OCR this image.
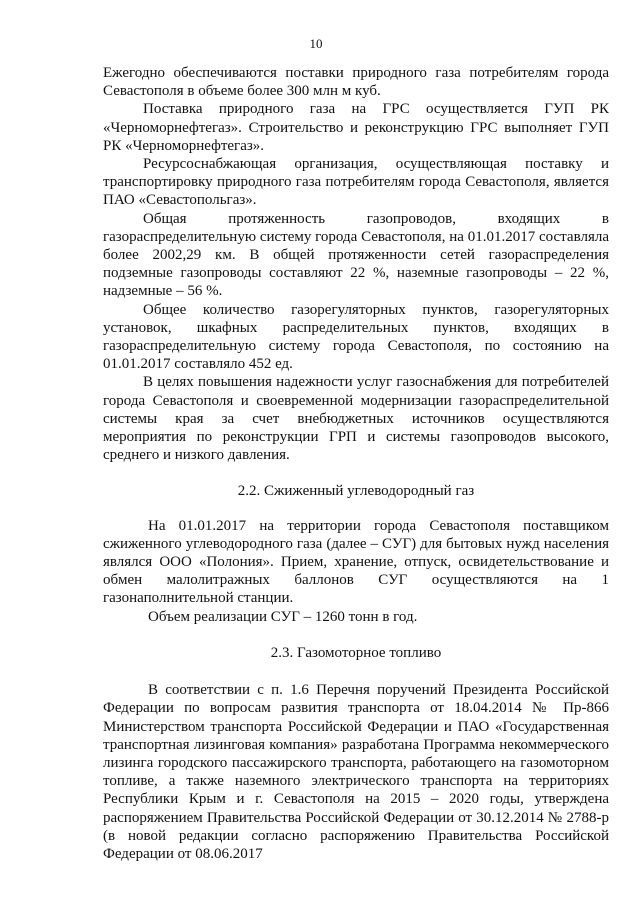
10

Ежегодно обеспечиваются поставки природного газа потребителям города Севастополя в объеме более 300 млн м куб.

Поставка природного газа на ГРС осуществляется ГУП РК «Черноморнефтегаз». Строительство и реконструкцию ГРС выполняет ГУП РК «Черноморнефтегаз».

Ресурсоснабжающая организация, осуществляющая поставку и транспортировку природного газа потребителям города Севастополя, является ПАО «Севастопольгаз».

Общая протяженность газопроводов, входящих в газораспределительную систему города Севастополя, на 01.01.2017 составляла более 2002,29 км. В общей протяженности сетей газораспределения подземные газопроводы составляют 22 %, наземные газопроводы – 22 %, надземные – 56 %.

Общее количество газорегуляторных пунктов, газорегуляторных установок, шкафных распределительных пунктов, входящих в газораспределительную систему города Севастополя, по состоянию на 01.01.2017 составляло 452 ед.

В целях повышения надежности услуг газоснабжения для потребителей города Севастополя и своевременной модернизации газораспределительной системы края за счет внебюджетных источников осуществляются мероприятия по реконструкции ГРП и системы газопроводов высокого, среднего и низкого давления.

2.2. Сжиженный углеводородный газ

На 01.01.2017 на территории города Севастополя поставщиком сжиженного углеводородного газа (далее – СУГ) для бытовых нужд населения являлся ООО «Полония». Прием, хранение, отпуск, освидетельствование и обмен малолитражных баллонов СУГ осуществляются на 1 газонаполнительной станции.

Объем реализации СУГ – 1260 тонн в год.

2.3. Газомоторное топливо

В соответствии с п. 1.6 Перечня поручений Президента Российской Федерации по вопросам развития транспорта от 18.04.2014 № Пр-866 Министерством транспорта Российской Федерации и ПАО «Государственная транспортная лизинговая компания» разработана Программа некоммерческого лизинга городского пассажирского транспорта, работающего на газомоторном топливе, а также наземного электрического транспорта на территориях Республики Крым и г. Севастополя на 2015 – 2020 годы, утверждена распоряжением Правительства Российской Федерации от 30.12.2014 № 2788-р (в новой редакции согласно распоряжению Правительства Российской Федерации от 08.06.2017
